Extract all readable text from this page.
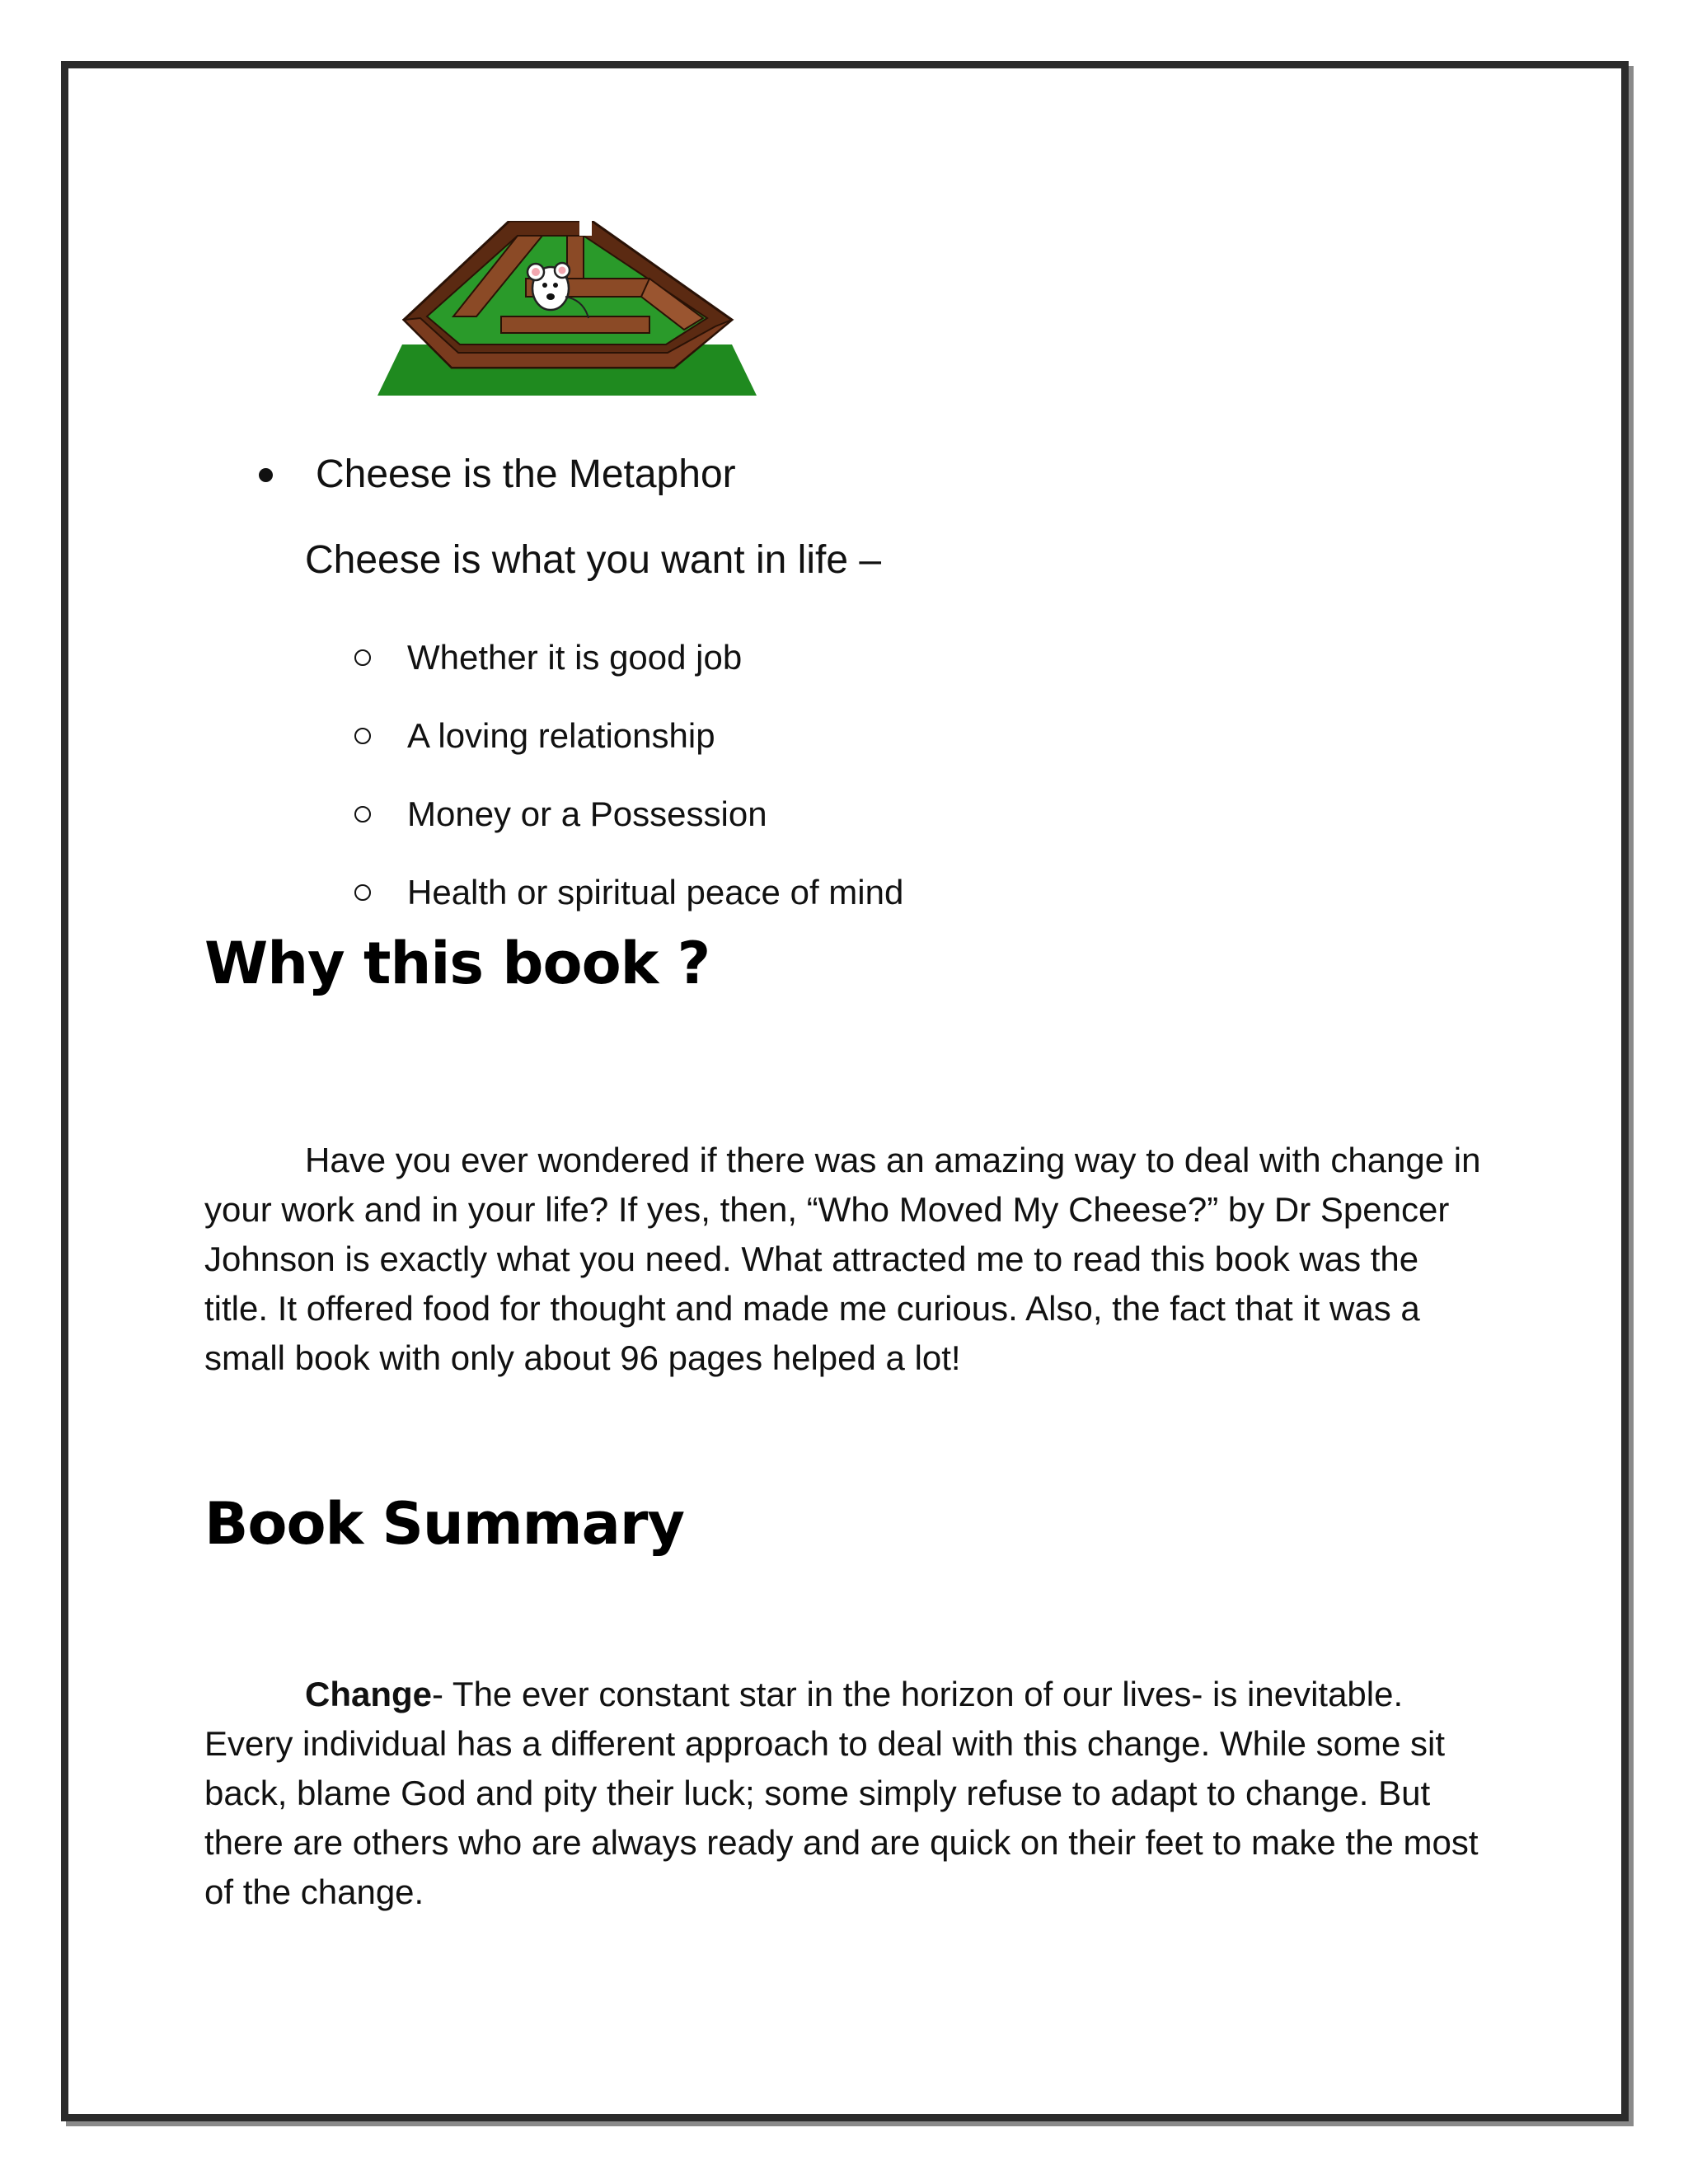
Cheese is the Metaphor
Cheese is what you want in life –
Whether it is good job
A loving relationship
Money or a Possession
Health or spiritual peace of mind
Why this book ?

Have you ever wondered if there was an amazing way to deal with change in your work and in your life? If yes, then, “Who Moved My Cheese?” by Dr Spencer Johnson is exactly what you need. What attracted me to read this book was the title. It offered food for thought and made me curious. Also, the fact that it was a small book with only about 96 pages helped a lot!

Book Summary

Change- The ever constant star in the horizon of our lives- is inevitable. Every individual has a different approach to deal with this change. While some sit back, blame God and pity their luck; some simply refuse to adapt to change. But there are others who are always ready and are quick on their feet to make the most of the change.
